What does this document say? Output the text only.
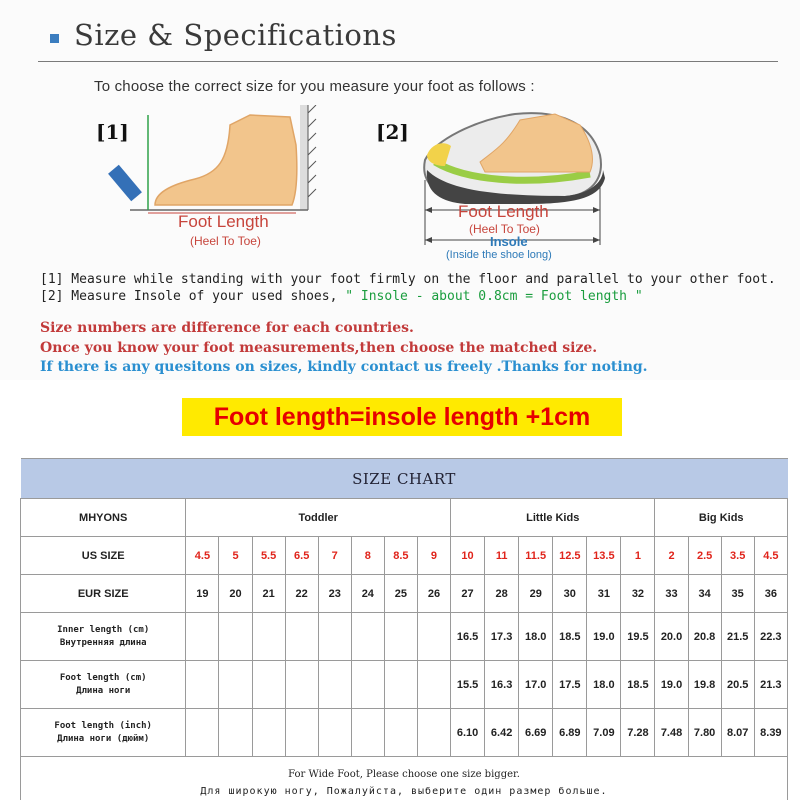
Size & Specifications
To choose the correct size for you measure your foot as follows :
[1]
Foot Length
(Heel To Toe)
[2]
Foot Length
(Heel To Toe)
Insole
(Inside the shoe long)
[1] Measure while standing with your foot firmly on the floor and parallel to your other foot.
[2] Measure Insole of your used shoes, " Insole - about 0.8cm = Foot length "
Size numbers are difference for each countries.
Once you know your foot measurements,then choose the matched size.
If there is any quesitons on sizes, kindly contact us freely .Thanks for noting.
Foot length=insole length +1cm
SIZE CHART																		
MHYONS	Toddler								Little Kids						Big Kids			
US SIZE	4.5	5	5.5	6.5	7	8	8.5	9	10	11	11.5	12.5	13.5	1	2	2.5	3.5	4.5
EUR SIZE	19	20	21	22	23	24	25	26	27	28	29	30	31	32	33	34	35	36

Inner length (cm)
Внутренняя длина									16.5	17.3	18.0	18.5	19.0	19.5	20.0	20.8	21.5	22.3

Foot length (cm)
Длина ноги									15.5	16.3	17.0	17.5	18.0	18.5	19.0	19.8	20.5	21.3

Foot length (inch)
Длина ноги (дюйм)									6.10	6.42	6.69	6.89	7.09	7.28	7.48	7.80	8.07	8.39

For Wide Foot, Please choose one size bigger.
Для широкую ногу, Пожалуйста, выберите один размер больше.																		
